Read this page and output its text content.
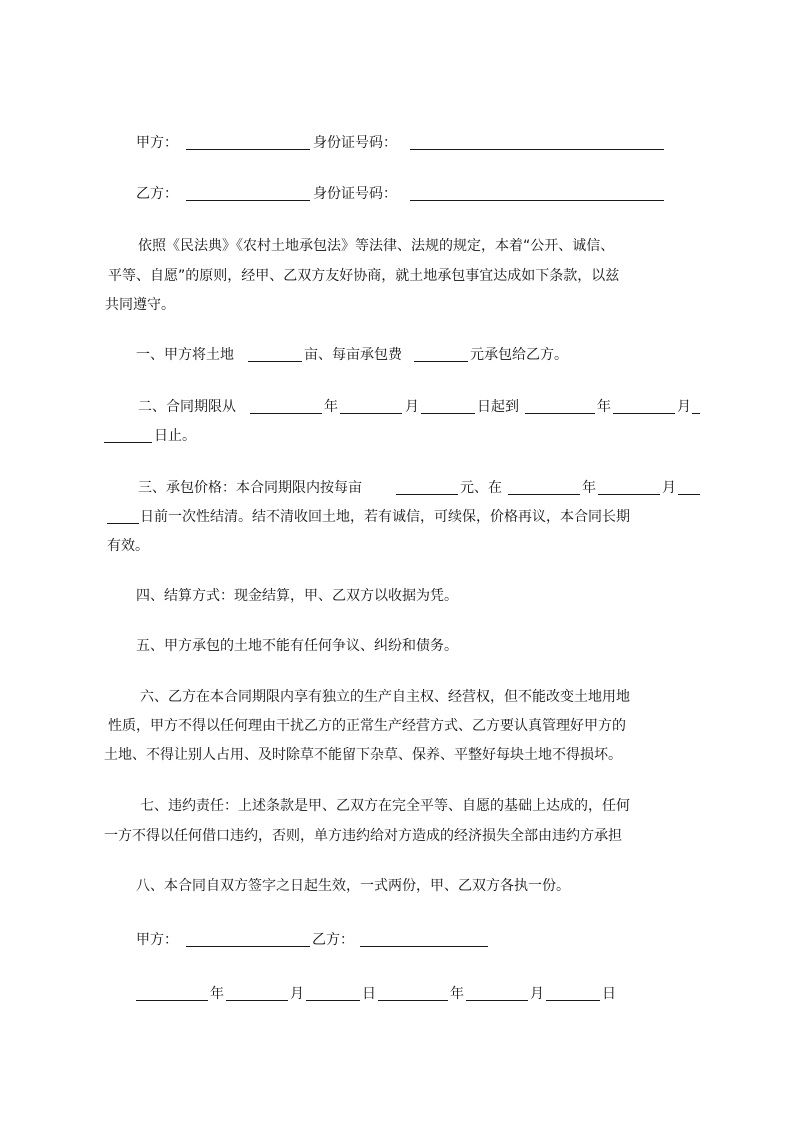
甲方：	身份证号码：
乙方：	身份证号码：
依照《民法典》《农村土地承包法》等法律、法规的规定，本着“公开、诚信、
平等、自愿”的原则，经甲、乙双方友好协商，就土地承包事宜达成如下条款，以兹
共同遵守。
一、甲方将土地	亩、每亩承包费	元承包给乙方。
二、合同期限从	年	月	日起到	年	月
日止。
三、承包价格：本合同期限内按每亩	元、在	年	月
日前一次性结清。结不清收回土地，若有诚信，可续保，价格再议，本合同长期
有效。
四、结算方式：现金结算，甲、乙双方以收据为凭。
五、甲方承包的土地不能有任何争议、纠纷和债务。
六、乙方在本合同期限内享有独立的生产自主权、经营权，但不能改变土地用地
性质，甲方不得以任何理由干扰乙方的正常生产经营方式、乙方要认真管理好甲方的
土地、不得让别人占用、及时除草不能留下杂草、保养、平整好每块土地不得损坏。
七、违约责任：上述条款是甲、乙双方在完全平等、自愿的基础上达成的，任何
一方不得以任何借口违约，否则，单方违约给对方造成的经济损失全部由违约方承担
八、本合同自双方签字之日起生效，一式两份，甲、乙双方各执一份。
甲方：	乙方：
年	月	日	年	月	日
